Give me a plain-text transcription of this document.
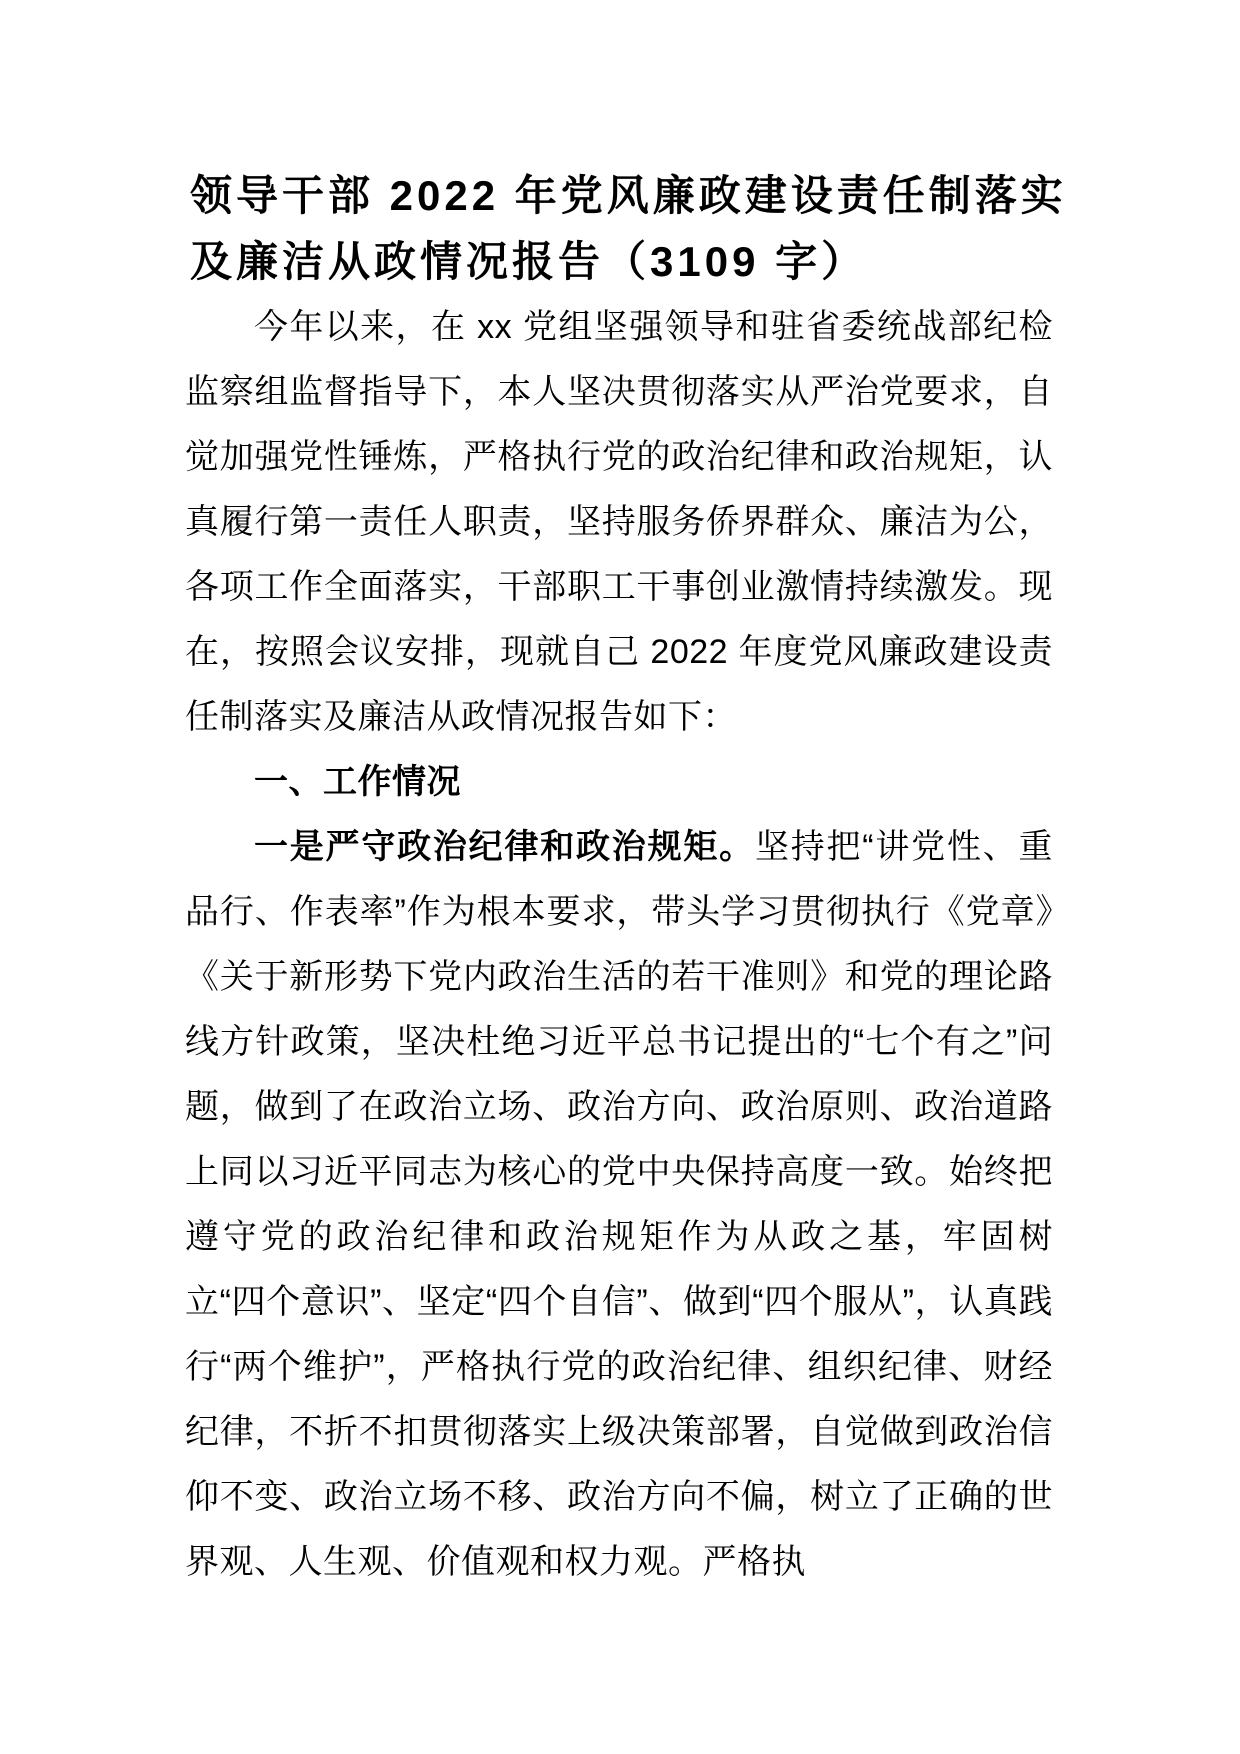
领导干部 2022 年党风廉政建设责任制落实及廉洁从政情况报告（3109 字）

今年以来，在 xx 党组坚强领导和驻省委统战部纪检监察组监督指导下，本人坚决贯彻落实从严治党要求，自觉加强党性锤炼，严格执行党的政治纪律和政治规矩，认真履行第一责任人职责，坚持服务侨界群众、廉洁为公，各项工作全面落实，干部职工干事创业激情持续激发。现在，按照会议安排，现就自己 2022 年度党风廉政建设责任制落实及廉洁从政情况报告如下：

一、工作情况

一是严守政治纪律和政治规矩。坚持把“讲党性、重品行、作表率”作为根本要求，带头学习贯彻执行《党章》《关于新形势下党内政治生活的若干准则》和党的理论路线方针政策，坚决杜绝习近平总书记提出的“七个有之”问题，做到了在政治立场、政治方向、政治原则、政治道路上同以习近平同志为核心的党中央保持高度一致。始终把遵守党的政治纪律和政治规矩作为从政之基，牢固树立“四个意识”、坚定“四个自信”、做到“四个服从”，认真践行“两个维护”，严格执行党的政治纪律、组织纪律、财经纪律，不折不扣贯彻落实上级决策部署，自觉做到政治信仰不变、政治立场不移、政治方向不偏，树立了正确的世界观、人生观、价值观和权力观。严格执
